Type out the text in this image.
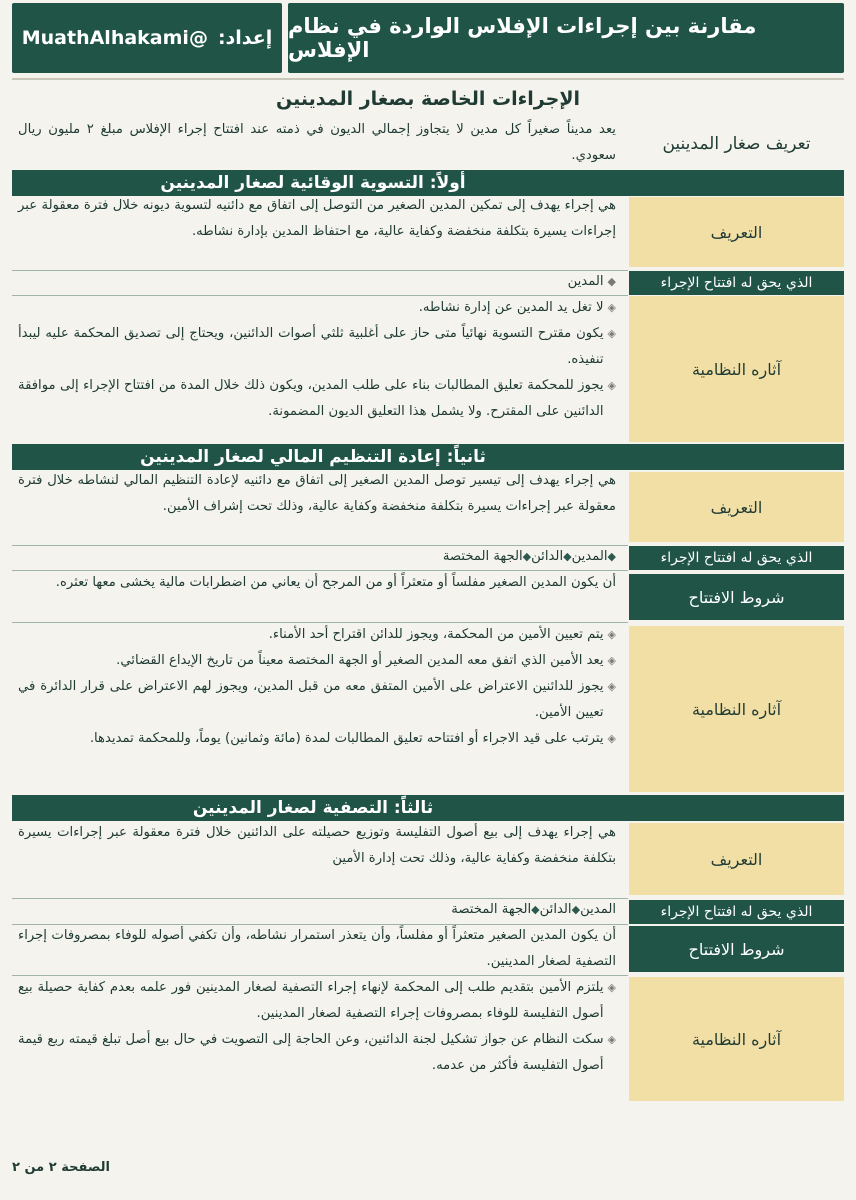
مقارنة بين إجراءات الإفلاس الواردة في نظام الإفلاس
إعداد:
@MuathAlhakami
الإجراءات الخاصة بصغار المدينين
تعريف صغار المدينين

يعد مديناً صغيراً كل مدين لا يتجاوز إجمالي الديون في ذمته عند افتتاح إجراء الإفلاس مبلغ ٢ مليون ريال سعودي.

أولاً: التسوية الوقائية لصغار المدينين
التعريف

هي إجراء يهدف إلى تمكين المدين الصغير من التوصل إلى اتفاق مع دائنيه لتسوية ديونه خلال فترة معقولة عبر إجراءات يسيرة بتكلفة منخفضة وكفاية عالية، مع احتفاظ المدين بإدارة نشاطه.

الذي يحق له افتتاح الإجراء
◆
المدين
آثاره النظامية
◈
لا تغل يد المدين عن إدارة نشاطه.
◈
يكون مقترح التسوية نهائياً متى حاز على أغلبية ثلثي أصوات الدائنين، ويحتاج إلى تصديق المحكمة عليه ليبدأ تنفيذه.
◈
يجوز للمحكمة تعليق المطالبات بناء على طلب المدين، ويكون ذلك خلال المدة من افتتاح الإجراء إلى موافقة الدائنين على المقترح. ولا يشمل هذا التعليق الديون المضمونة.
ثانياً: إعادة التنظيم المالي لصغار المدينين
التعريف

هي إجراء يهدف إلى تيسير توصل المدين الصغير إلى اتفاق مع دائنيه لإعادة التنظيم المالي لنشاطه خلال فترة معقولة عبر إجراءات يسيرة بتكلفة منخفضة وكفاية عالية، وذلك تحت إشراف الأمين.

الذي يحق له افتتاح الإجراء
◆المدين◆الدائن◆الجهة المختصة
شروط الافتتاح

أن يكون المدين الصغير مفلساً أو متعثراً أو من المرجح أن يعاني من اضطرابات مالية يخشى معها تعثره.

آثاره النظامية
◈
يتم تعيين الأمين من المحكمة، ويجوز للدائن اقتراح أحد الأمناء.
◈
يعد الأمين الذي اتفق معه المدين الصغير أو الجهة المختصة معيناً من تاريخ الإيداع القضائي.
◈
يجوز للدائنين الاعتراض على الأمين المتفق معه من قبل المدين، ويجوز لهم الاعتراض على قرار الدائرة في تعيين الأمين.
◈
يترتب على قيد الاجراء أو افتتاحه تعليق المطالبات لمدة (مائة وثمانين) يوماً، وللمحكمة تمديدها.
ثالثاً: التصفية لصغار المدينين
التعريف

هي إجراء يهدف إلى بيع أصول التفليسة وتوزيع حصيلته على الدائنين خلال فترة معقولة عبر إجراءات يسيرة بتكلفة منخفضة وكفاية عالية، وذلك تحت إدارة الأمين

الذي يحق له افتتاح الإجراء
المدين◆الدائن◆الجهة المختصة
شروط الافتتاح

أن يكون المدين الصغير متعثراً أو مفلساً، وأن يتعذر استمرار نشاطه، وأن تكفي أصوله للوفاء بمصروفات إجراء التصفية لصغار المدينين.

آثاره النظامية
◈
يلتزم الأمين بتقديم طلب إلى المحكمة لإنهاء إجراء التصفية لصغار المدينين فور علمه بعدم كفاية حصيلة بيع أصول التفليسة للوفاء بمصروفات إجراء التصفية لصغار المدينين.
◈
سكت النظام عن جواز تشكيل لجنة الدائنين، وعن الحاجة إلى التصويت في حال بيع أصل تبلغ قيمته ربع قيمة أصول التفليسة فأكثر من عدمه.
الصفحة ٢ من ٢
